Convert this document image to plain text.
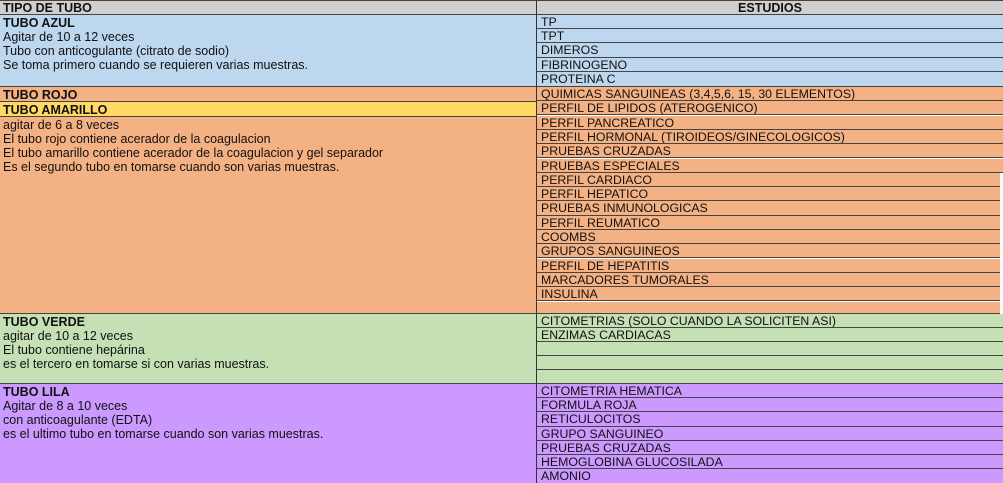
TIPO DE TUBO	ESTUDIOS
TUBO AZUL
Agitar de 10 a 12 veces
Tubo con anticogulante (citrato de sodio)
Se toma primero cuando se requieren varias muestras.
TP
TPT
DIMEROS
FIBRINOGENO
PROTEINA C
TUBO ROJO
TUBO AMARILLO
agitar de 6 a 8 veces
El tubo rojo contiene acerador de la coagulacion
El tubo amarillo contiene acerador de la coagulacion y gel separador
Es el segundo tubo en tomarse cuando son varias muestras.
QUIMICAS SANGUINEAS (3,4,5,6, 15, 30 ELEMENTOS)
PERFIL DE LIPIDOS (ATEROGENICO)
PERFIL PANCREATICO
PERFIL HORMONAL (TIROIDEOS/GINECOLOGICOS)
PRUEBAS CRUZADAS
PRUEBAS ESPECIALES
PERFIL CARDIACO
PERFIL HEPATICO
PRUEBAS INMUNOLOGICAS
PERFIL REUMATICO
COOMBS
GRUPOS SANGUINEOS
PERFIL DE HEPATITIS
MARCADORES TUMORALES
INSULINA
TUBO VERDE
agitar de 10 a 12 veces
El tubo contiene hepárina
es el tercero en tomarse si con varias muestras.
CITOMETRIAS (SOLO CUANDO LA SOLICITEN ASI)
ENZIMAS CARDIACAS
TUBO LILA
Agitar de 8 a 10 veces
con anticoagulante (EDTA)
es el ultimo tubo en tomarse cuando son varias muestras.
CITOMETRIA HEMATICA
FORMULA ROJA
RETICULOCITOS
GRUPO SANGUINEO
PRUEBAS CRUZADAS
HEMOGLOBINA GLUCOSILADA
AMONIO
